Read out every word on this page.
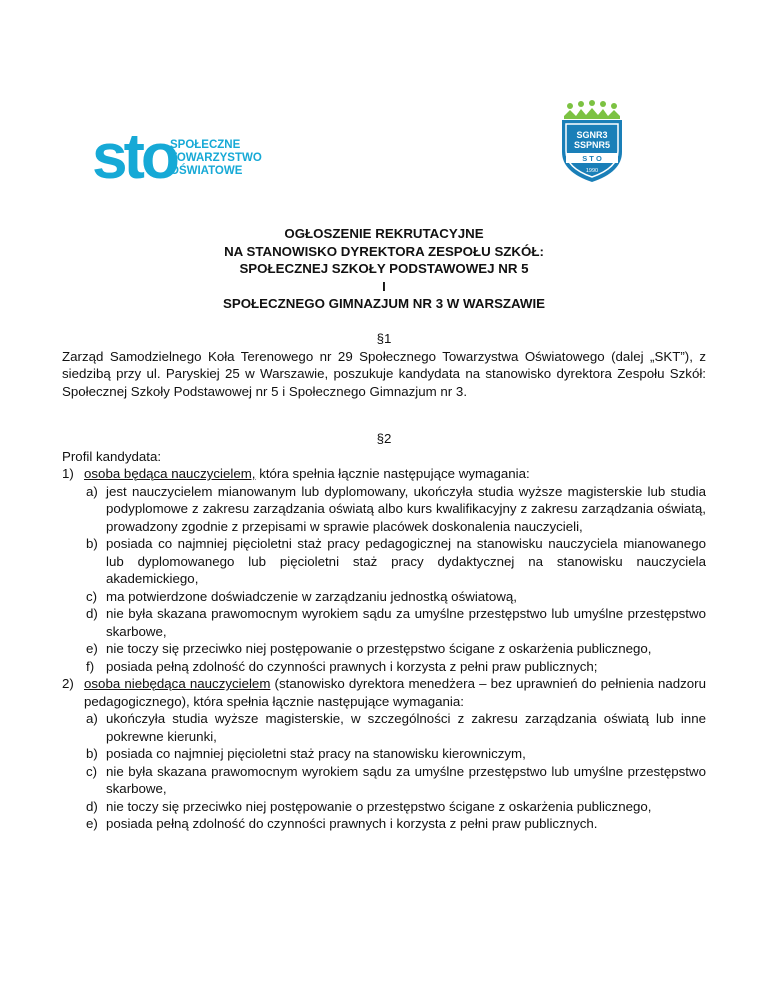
sto
SPOŁECZNE
TOWARZYSTWO
OŚWIATOWE
SGNR3
SSPNR5
S T O
1990
OGŁOSZENIE REKRUTACYJNE
NA STANOWISKO DYREKTORA ZESPOŁU SZKÓŁ:
SPOŁECZNEJ SZKOŁY PODSTAWOWEJ NR 5
I
SPOŁECZNEGO GIMNAZJUM NR 3 W WARSZAWIE
§1
Zarząd Samodzielnego Koła Terenowego nr 29 Społecznego Towarzystwa Oświatowego (dalej „SKT”), z siedzibą przy ul. Paryskiej 25 w Warszawie, poszukuje kandydata na stanowisko dyrektora Zespołu Szkół: Społecznej Szkoły Podstawowej nr 5 i Społecznego Gimnazjum nr 3.
§2
Profil kandydata:
1) osoba będąca nauczycielem, która spełnia łącznie następujące wymagania:
a) jest nauczycielem mianowanym lub dyplomowany, ukończyła studia wyższe magisterskie lub studia podyplomowe z zakresu zarządzania oświatą albo kurs kwalifikacyjny z zakresu zarządzania oświatą, prowadzony zgodnie z przepisami w sprawie placówek doskonalenia nauczycieli,
b) posiada co najmniej pięcioletni staż pracy pedagogicznej na stanowisku nauczyciela mianowanego lub dyplomowanego lub pięcioletni staż pracy dydaktycznej na stanowisku nauczyciela akademickiego,
c) ma potwierdzone doświadczenie w zarządzaniu jednostką oświatową,
d) nie była skazana prawomocnym wyrokiem sądu za umyślne przestępstwo lub umyślne przestępstwo skarbowe,
e) nie toczy się przeciwko niej postępowanie o przestępstwo ścigane z oskarżenia publicznego,
f) posiada pełną zdolność do czynności prawnych i korzysta z pełni praw publicznych;
2) osoba niebędąca nauczycielem (stanowisko dyrektora menedżera – bez uprawnień do pełnienia nadzoru pedagogicznego), która spełnia łącznie następujące wymagania:
a) ukończyła studia wyższe magisterskie, w szczególności z zakresu zarządzania oświatą lub inne pokrewne kierunki,
b) posiada co najmniej pięcioletni staż pracy na stanowisku kierowniczym,
c) nie była skazana prawomocnym wyrokiem sądu za umyślne przestępstwo lub umyślne przestępstwo skarbowe,
d) nie toczy się przeciwko niej postępowanie o przestępstwo ścigane z oskarżenia publicznego,
e) posiada pełną zdolność do czynności prawnych i korzysta z pełni praw publicznych.
